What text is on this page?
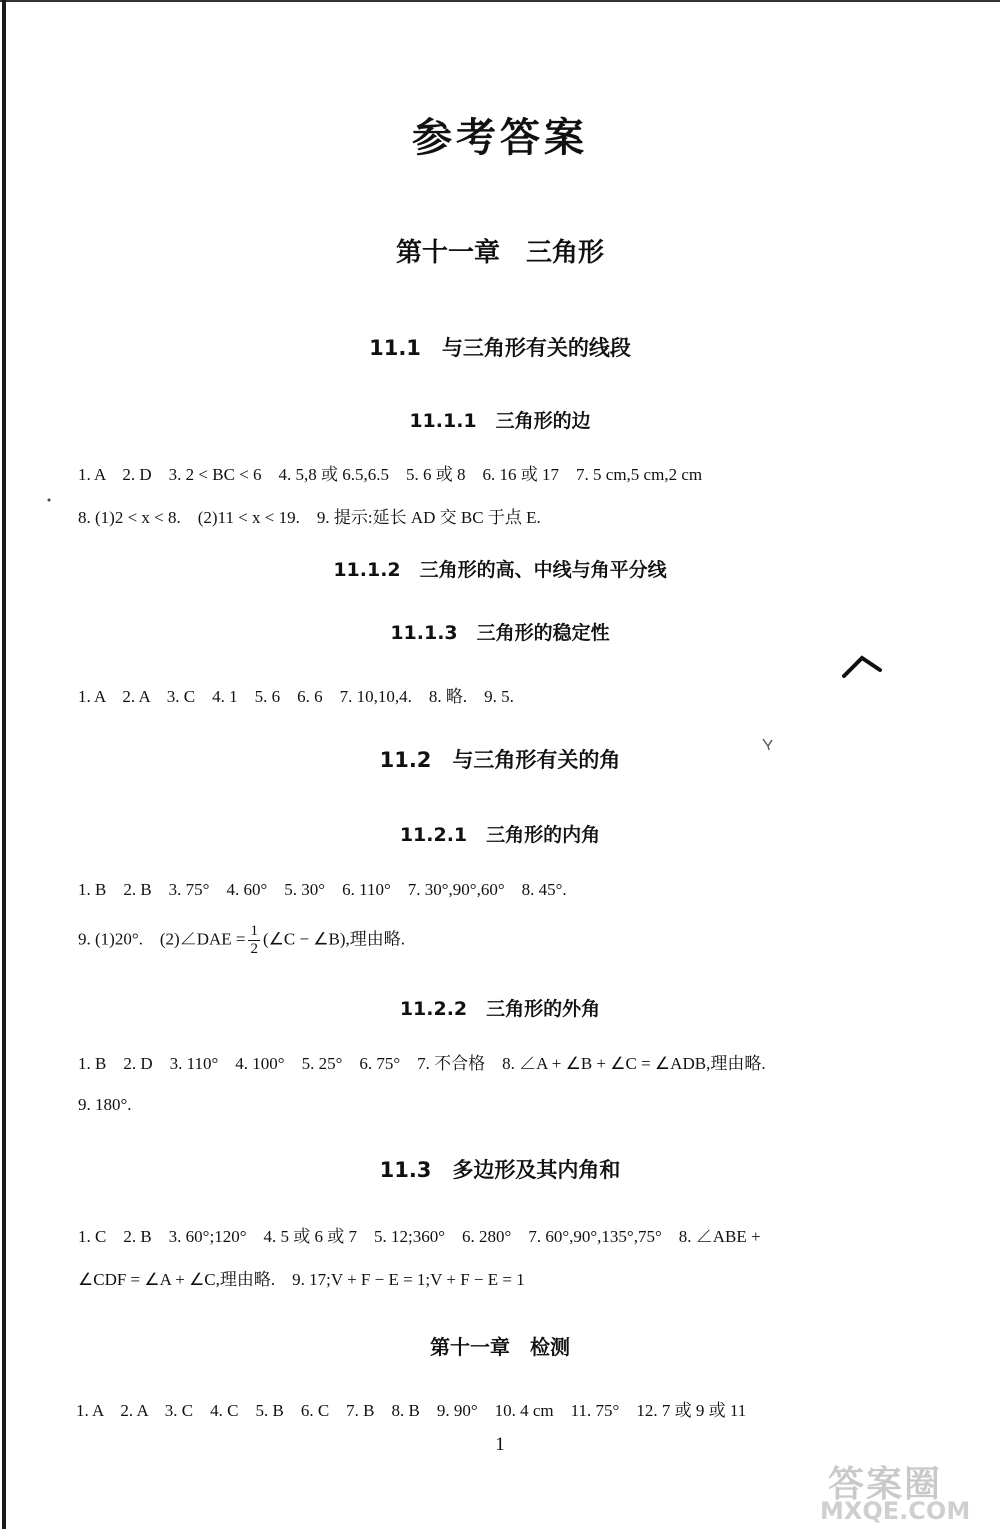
参考答案
第十一章　三角形
11.1　与三角形有关的线段
11.1.1　三角形的边
1. A　2. D　3. 2 < BC < 6　4. 5,8 或 6.5,6.5　5. 6 或 8　6. 16 或 17　7. 5 cm,5 cm,2 cm
8. (1)2 < x < 8.　(2)11 < x < 19.　9. 提示:延长 AD 交 BC 于点 E.
11.1.2　三角形的高、中线与角平分线
11.1.3　三角形的稳定性
1. A　2. A　3. C　4. 1　5. 6　6. 6　7. 10,10,4.　8. 略.　9. 5.
11.2　与三角形有关的角
11.2.1　三角形的内角
1. B　2. B　3. 75°　4. 60°　5. 30°　6. 110°　7. 30°,90°,60°　8. 45°.
9. (1)20°.　(2)∠DAE = $\frac{1}{2}$ (∠C − ∠B),理由略.
11.2.2　三角形的外角
1. B　2. D　3. 110°　4. 100°　5. 25°　6. 75°　7. 不合格　8. ∠A + ∠B + ∠C = ∠ADB,理由略.
9. 180°.
11.3　多边形及其内角和
1. C　2. B　3. 60°;120°　4. 5 或 6 或 7　5. 12;360°　6. 280°　7. 60°,90°,135°,75°　8. ∠ABE +
∠CDF = ∠A + ∠C,理由略.　9. 17;V + F − E = 1;V + F − E = 1
第十一章　检测
1. A　2. A　3. C　4. C　5. B　6. C　7. B　8. B　9. 90°　10. 4 cm　11. 75°　12. 7 或 9 或 11
1
答案圈
MXQE.COM
